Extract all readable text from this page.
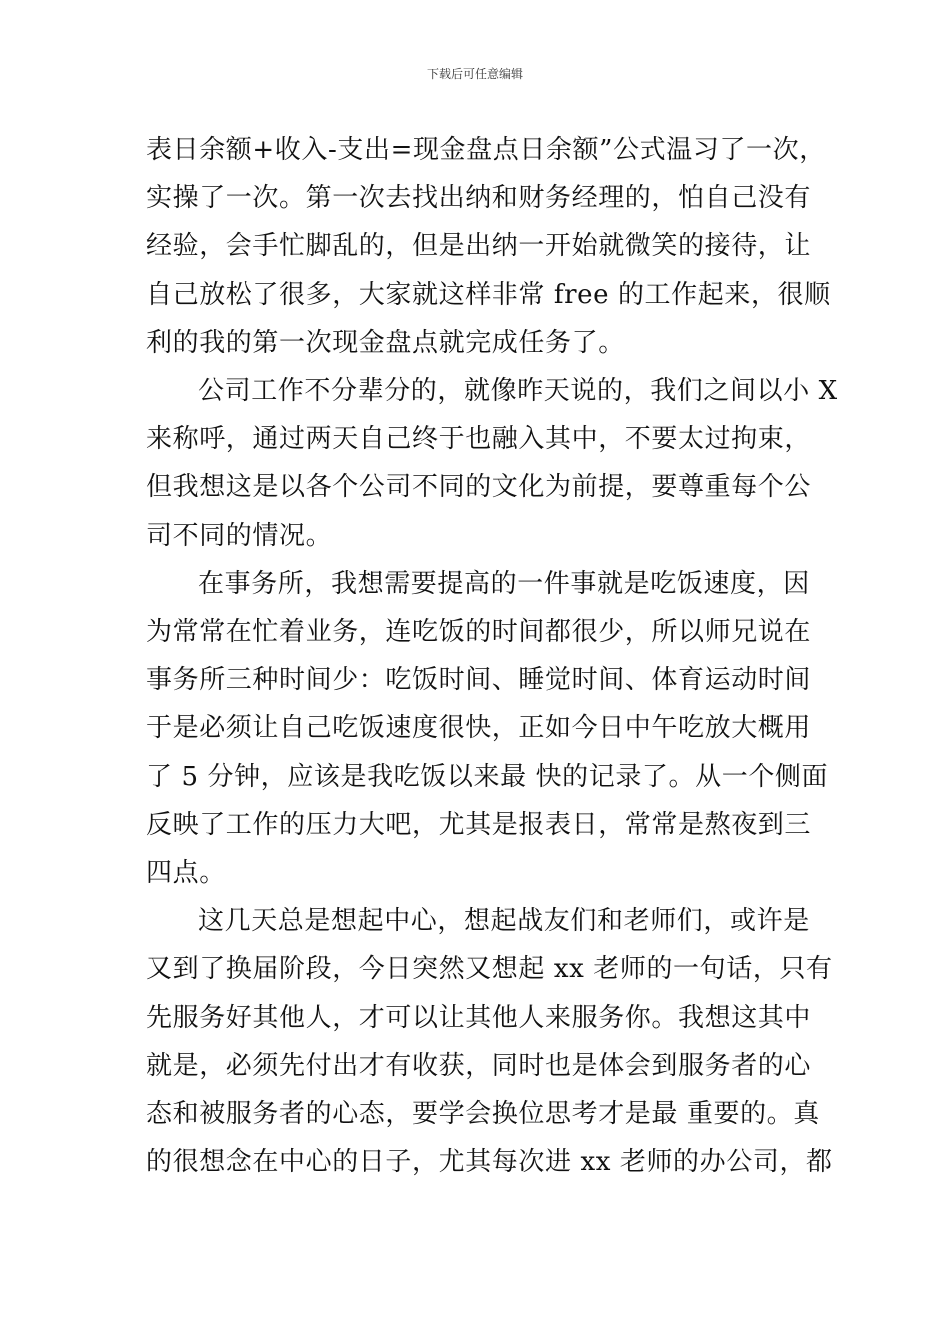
下载后可任意编辑

表日余额+收入-支出=现金盘点日余额”公式温习了一次，
实操了一次。第一次去找出纳和财务经理的，怕自己没有
经验，会手忙脚乱的，但是出纳一开始就微笑的接待，让
自己放松了很多，大家就这样非常 free 的工作起来，很顺
利的我的第一次现金盘点就完成任务了。

公司工作不分辈分的，就像昨天说的，我们之间以小 X
来称呼，通过两天自己终于也融入其中，不要太过拘束，
但我想这是以各个公司不同的文化为前提，要尊重每个公
司不同的情况。

在事务所，我想需要提高的一件事就是吃饭速度，因
为常常在忙着业务，连吃饭的时间都很少，所以师兄说在
事务所三种时间少：吃饭时间、睡觉时间、体育运动时间
于是必须让自己吃饭速度很快，正如今日中午吃放大概用
了 5 分钟，应该是我吃饭以来最 快的记录了。从一个侧面
反映了工作的压力大吧，尤其是报表日，常常是熬夜到三
四点。

这几天总是想起中心，想起战友们和老师们，或许是
又到了换届阶段，今日突然又想起 xx 老师的一句话，只有
先服务好其他人，才可以让其他人来服务你。我想这其中
就是，必须先付出才有收获，同时也是体会到服务者的心
态和被服务者的心态，要学会换位思考才是最 重要的。真
的很想念在中心的日子，尤其每次进 xx 老师的办公司，都
